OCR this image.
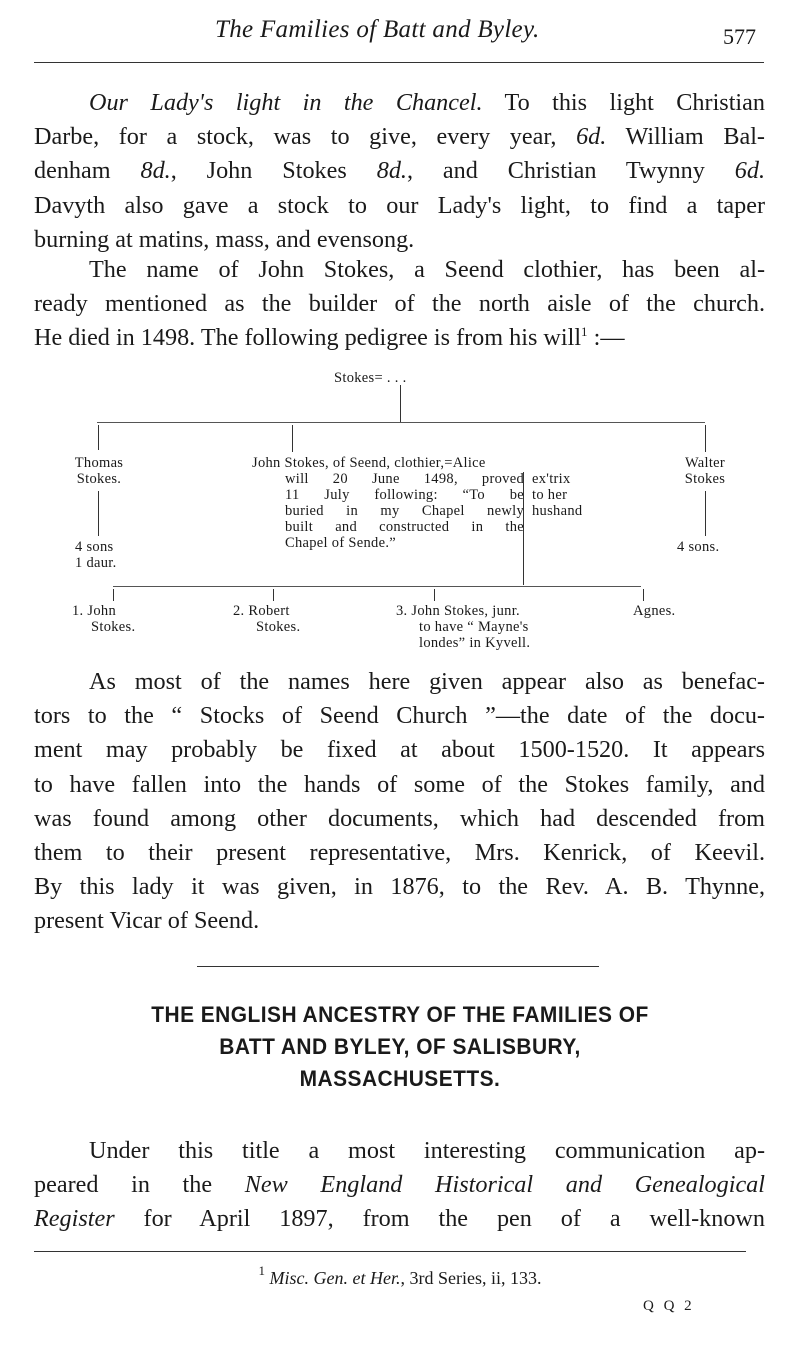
The Families of Batt and Byley.	577
Our Lady's light in the Chancel. To this light Christian
Darbe, for a stock, was to give, every year, 6d. William Bal-
denham 8d., John Stokes 8d., and Christian Twynny 6d.
Davyth also gave a stock to our Lady's light, to find a taper
burning at matins, mass, and evensong.
The name of John Stokes, a Seend clothier, has been al-
ready mentioned as the builder of the north aisle of the church.
He died in 1498. The following pedigree is from his will$^1$ :—
Stokes= . . .
Thomas
Stokes.
4 sons
1 daur.
John Stokes, of Seend, clothier,=Alice
will 20 June 1498, proved
11 July following: “To be
buried in my Chapel newly
built and constructed in the
Chapel of Sende.”
ex'trix
to her
hushand
Walter
Stokes
4 sons.
1. John
Stokes.
2. Robert
Stokes.
3. John Stokes, junr.
to have “ Mayne's
londes” in Kyvell.
Agnes.
As most of the names here given appear also as benefac-
tors to the “ Stocks of Seend Church ”—the date of the docu-
ment may probably be fixed at about 1500-1520. It appears
to have fallen into the hands of some of the Stokes family, and
was found among other documents, which had descended from
them to their present representative, Mrs. Kenrick, of Keevil.
By this lady it was given, in 1876, to the Rev. A. B. Thynne,
present Vicar of Seend.
THE ENGLISH ANCESTRY OF THE FAMILIES OF
BATT AND BYLEY, OF SALISBURY,
MASSACHUSETTS.
Under this title a most interesting communication ap-
peared in the New England Historical and Genealogical
Register for April 1897, from the pen of a well-known
$^1$ Misc. Gen. et Her., 3rd Series, ii, 133.
Q Q 2
